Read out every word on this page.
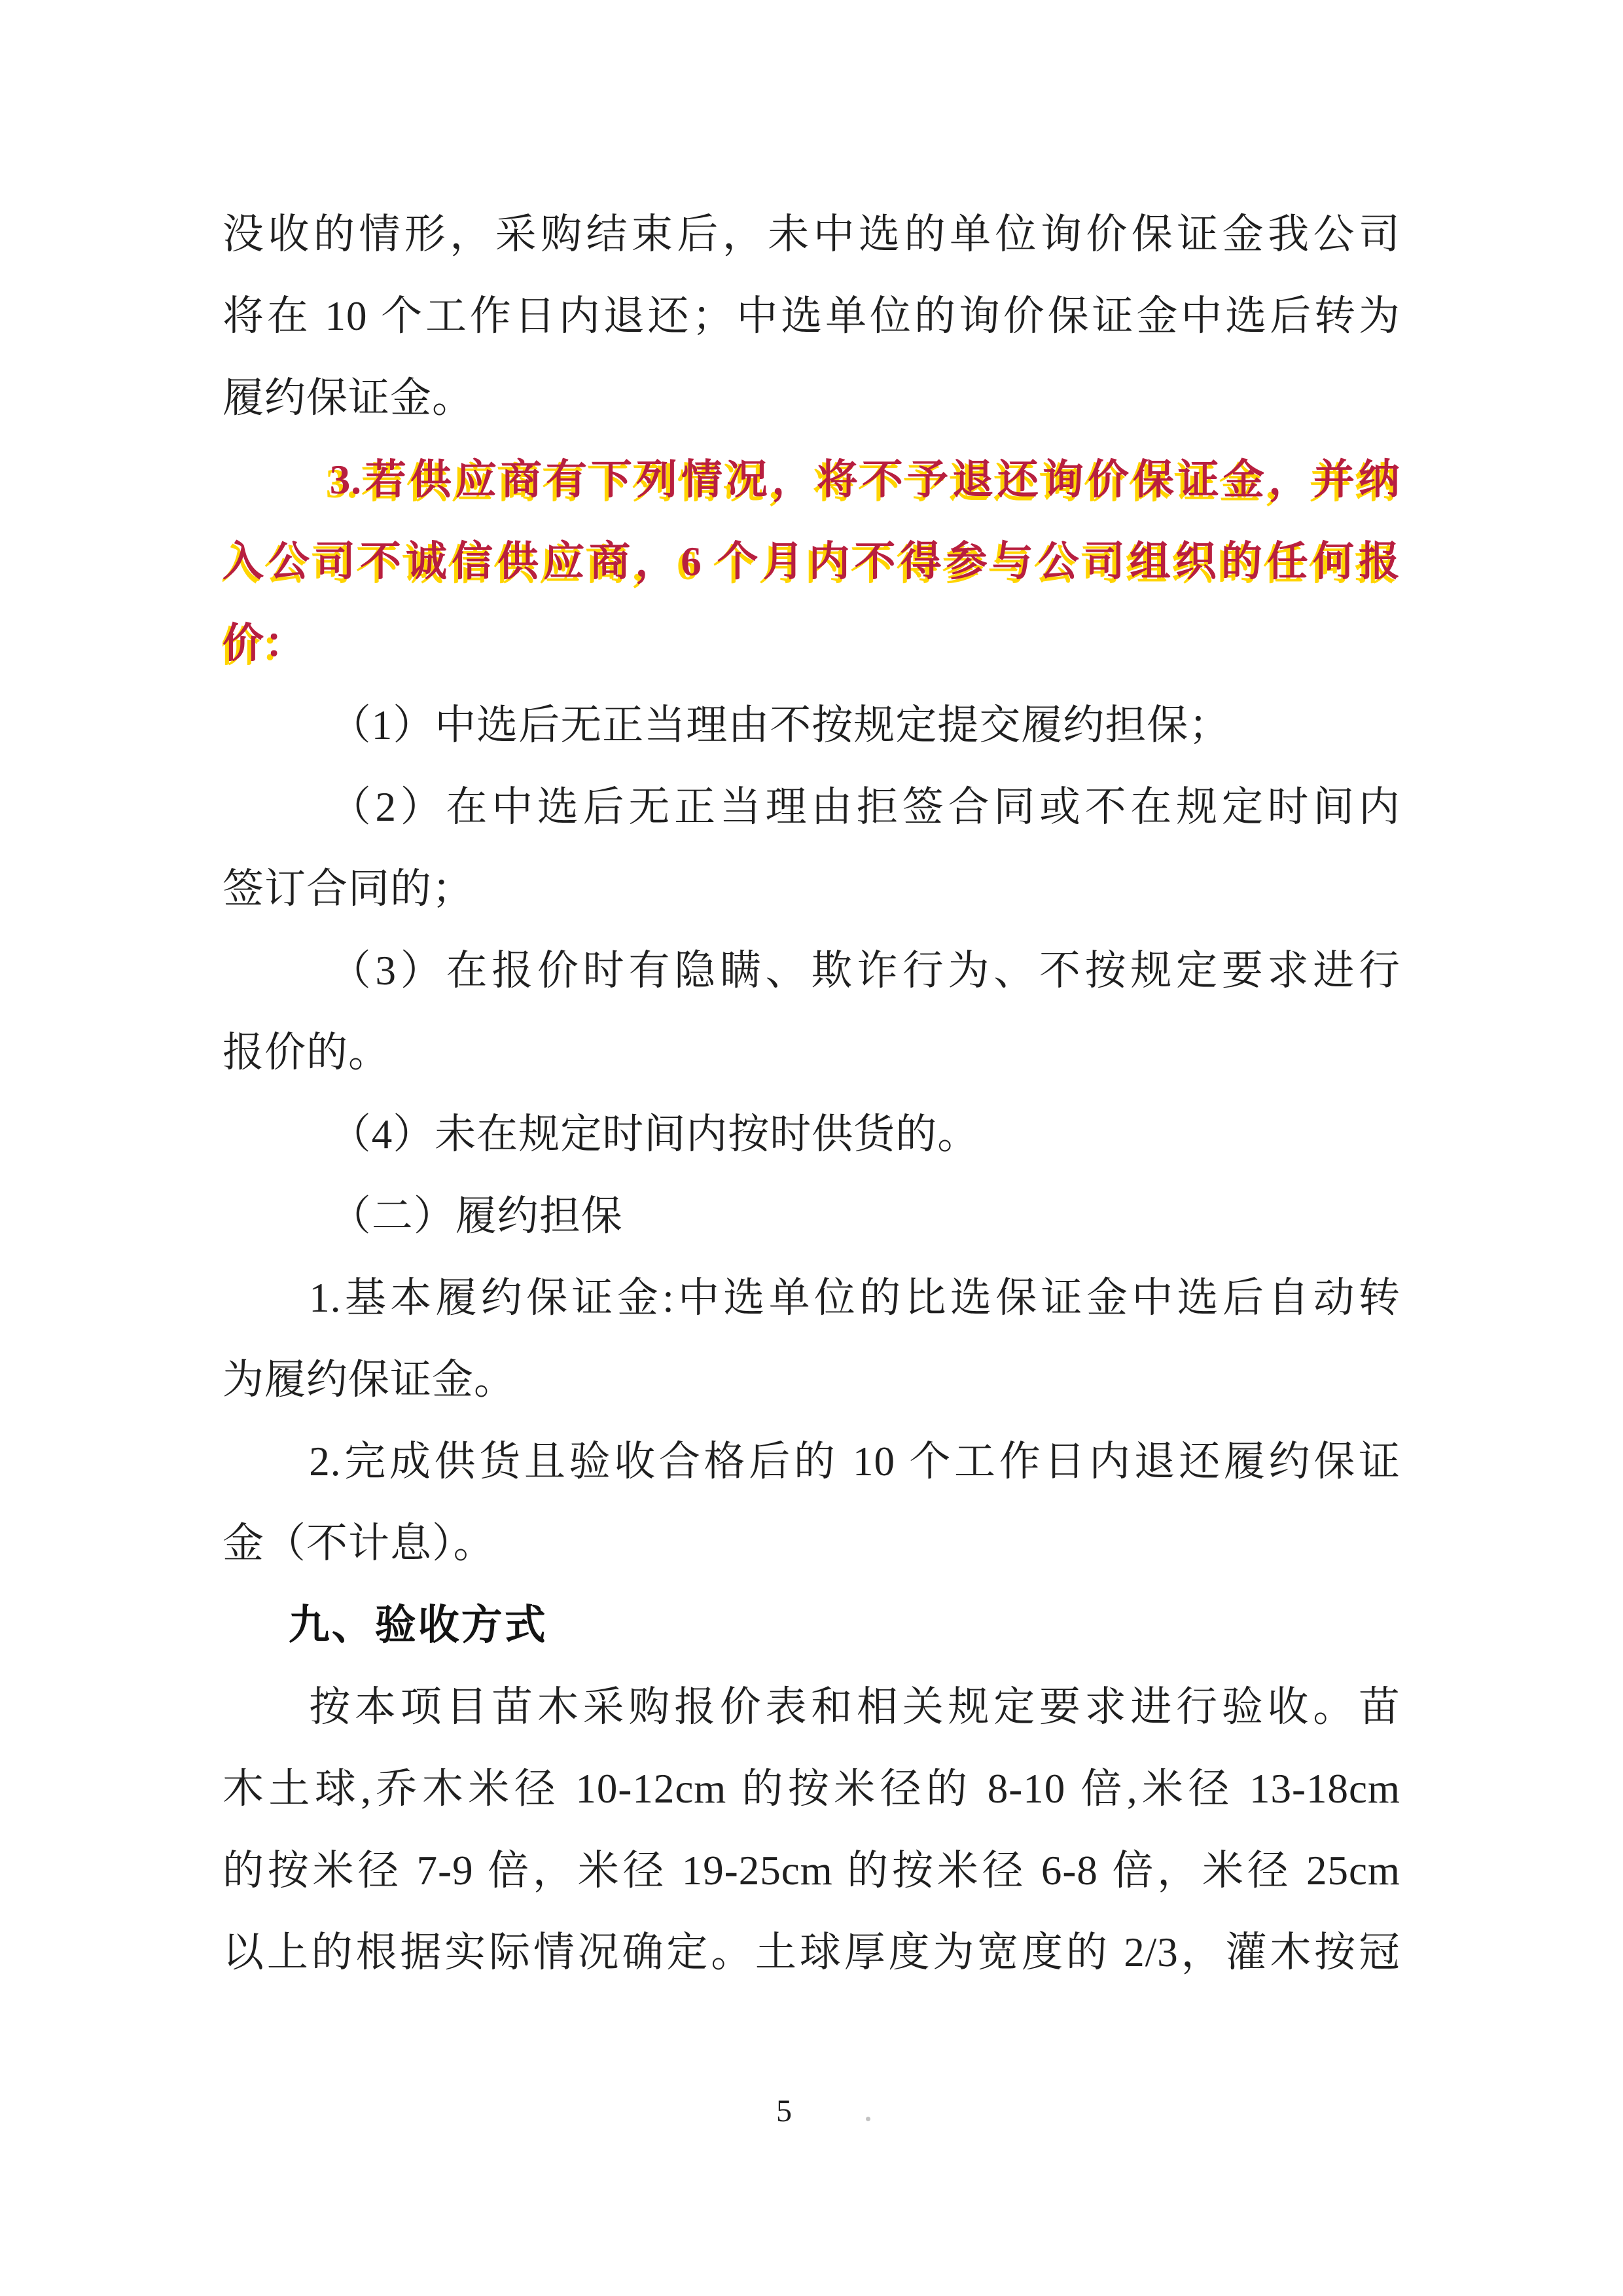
没收的情形，采购结束后，未中选的单位询价保证金我公司
将在 10 个工作日内退还；中选单位的询价保证金中选后转为
履约保证金。
3.若供应商有下列情况，将不予退还询价保证金，并纳
入公司不诚信供应商，6 个月内不得参与公司组织的任何报
价：
（1）中选后无正当理由不按规定提交履约担保；
（2）在中选后无正当理由拒签合同或不在规定时间内
签订合同的；
（3）在报价时有隐瞒、欺诈行为、不按规定要求进行
报价的。
（4）未在规定时间内按时供货的。
（二）履约担保
1.基本履约保证金:中选单位的比选保证金中选后自动转
为履约保证金。
2.完成供货且验收合格后的 10 个工作日内退还履约保证
金（不计息）。
九、验收方式
按本项目苗木采购报价表和相关规定要求进行验收。苗
木土球,乔木米径 10-12cm 的按米径的 8-10 倍,米径 13-18cm
的按米径 7-9 倍，米径 19-25cm 的按米径 6-8 倍，米径 25cm
以上的根据实际情况确定。土球厚度为宽度的 2/3，灌木按冠
5
